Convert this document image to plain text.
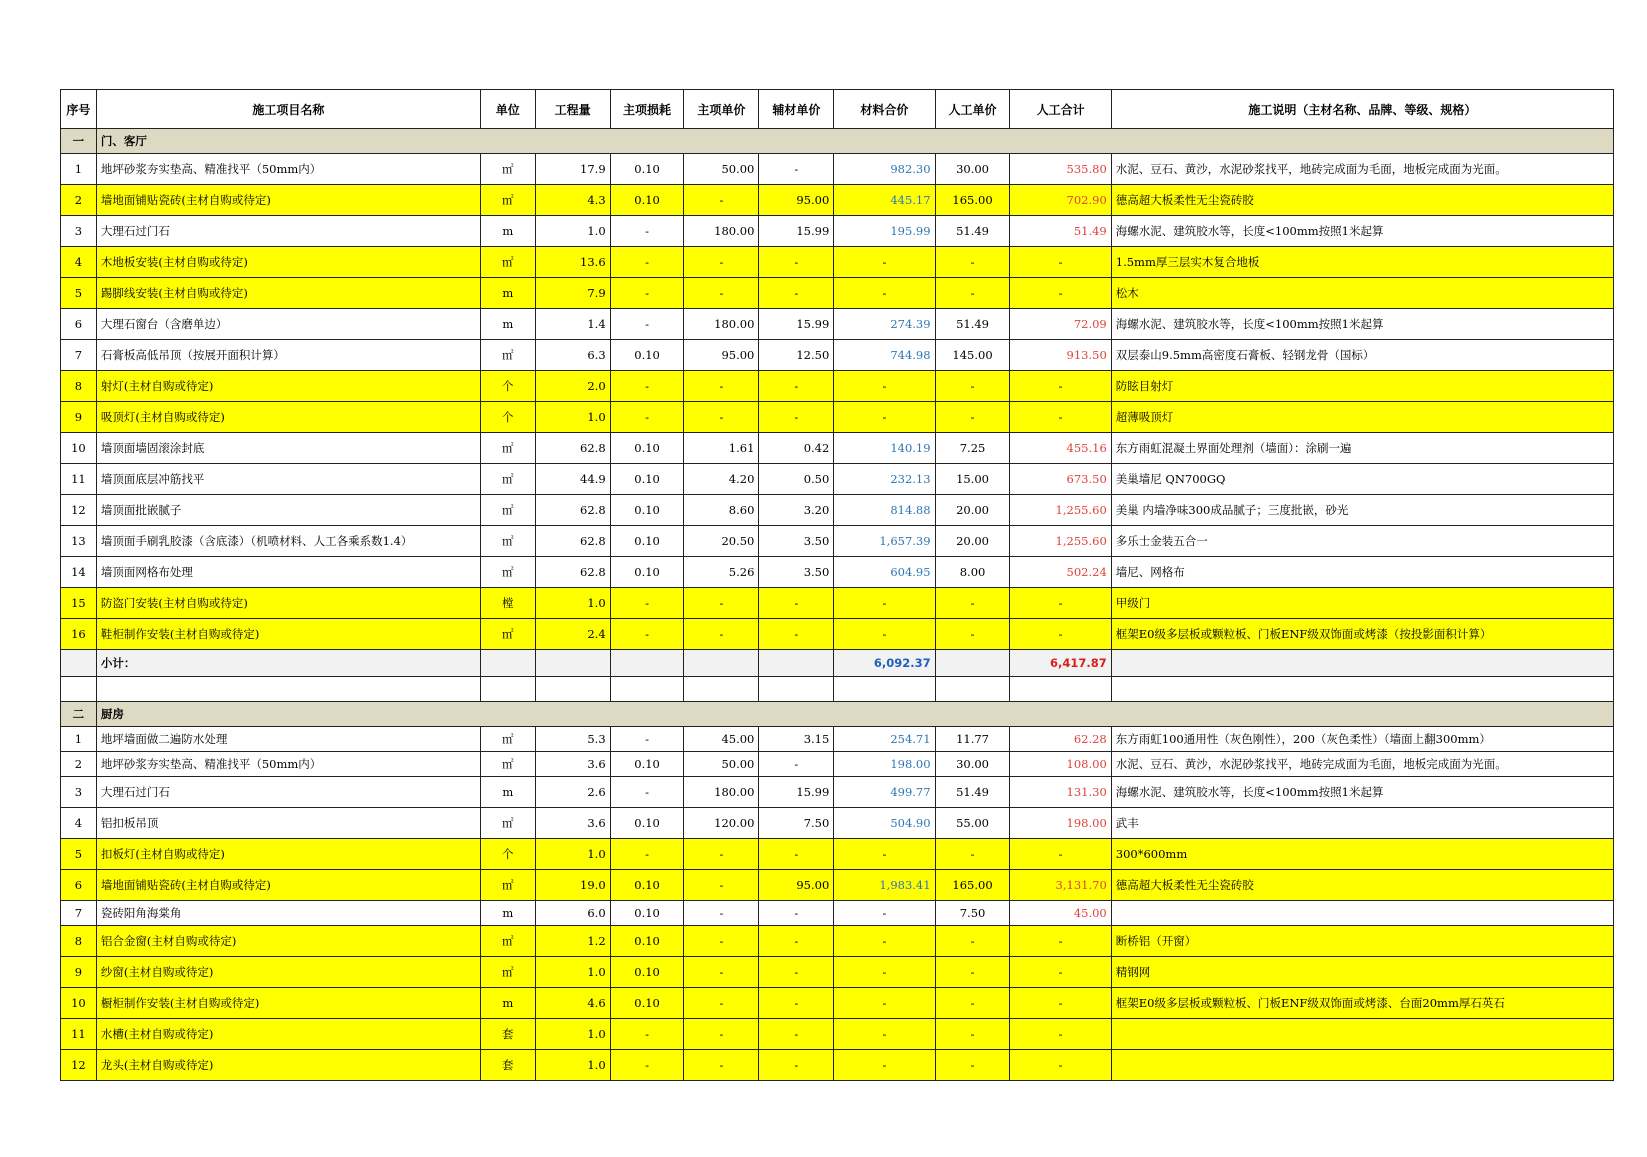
序号	施工项目名称	单位	工程量	主项损耗	主项单价	辅材单价	材料合价	人工单价	人工合计	施工说明（主材名称、品牌、等级、规格）
一	门、客厅									
1	地坪砂浆夯实垫高、精准找平（50mm内）	㎡	17.9	0.10	50.00	-	982.30	30.00	535.80	水泥、豆石、黄沙，水泥砂浆找平，地砖完成面为毛面，地板完成面为光面。
2	墙地面铺贴瓷砖(主材自购或待定)	㎡	4.3	0.10	-	95.00	445.17	165.00	702.90	德高超大板柔性无尘瓷砖胶
3	大理石过门石	m	1.0	-	180.00	15.99	195.99	51.49	51.49	海螺水泥、建筑胶水等，长度<100mm按照1米起算
4	木地板安装(主材自购或待定)	㎡	13.6	-	-	-	-	-	-	1.5mm厚三层实木复合地板
5	踢脚线安装(主材自购或待定)	m	7.9	-	-	-	-	-	-	松木
6	大理石窗台（含磨单边）	m	1.4	-	180.00	15.99	274.39	51.49	72.09	海螺水泥、建筑胶水等，长度<100mm按照1米起算
7	石膏板高低吊顶（按展开面积计算）	㎡	6.3	0.10	95.00	12.50	744.98	145.00	913.50	双层泰山9.5mm高密度石膏板、轻钢龙骨（国标）
8	射灯(主材自购或待定)	个	2.0	-	-	-	-	-	-	防眩目射灯
9	吸顶灯(主材自购或待定)	个	1.0	-	-	-	-	-	-	超薄吸顶灯
10	墙顶面墙固滚涂封底	㎡	62.8	0.10	1.61	0.42	140.19	7.25	455.16	东方雨虹混凝土界面处理剂（墙面）：涂刷一遍
11	墙顶面底层冲筋找平	㎡	44.9	0.10	4.20	0.50	232.13	15.00	673.50	美巢墙尼 QN700GQ
12	墙顶面批嵌腻子	㎡	62.8	0.10	8.60	3.20	814.88	20.00	1,255.60	美巢 内墙净味300成品腻子；三度批嵌，砂光
13	墙顶面手刷乳胶漆（含底漆）（机喷材料、人工各乘系数1.4）	㎡	62.8	0.10	20.50	3.50	1,657.39	20.00	1,255.60	多乐士金装五合一
14	墙顶面网格布处理	㎡	62.8	0.10	5.26	3.50	604.95	8.00	502.24	墙尼、网格布
15	防盗门安装(主材自购或待定)	樘	1.0	-	-	-	-	-	-	甲级门
16	鞋柜制作安装(主材自购或待定)	㎡	2.4	-	-	-	-	-	-	框架E0级多层板或颗粒板、门板ENF级双饰面或烤漆（按投影面积计算）
	小计：						6,092.37		6,417.87	

二	厨房									
1	地坪墙面做二遍防水处理	㎡	5.3	-	45.00	3.15	254.71	11.77	62.28	东方雨虹100通用性（灰色刚性），200（灰色柔性）（墙面上翻300mm）
2	地坪砂浆夯实垫高、精准找平（50mm内）	㎡	3.6	0.10	50.00	-	198.00	30.00	108.00	水泥、豆石、黄沙，水泥砂浆找平，地砖完成面为毛面，地板完成面为光面。
3	大理石过门石	m	2.6	-	180.00	15.99	499.77	51.49	131.30	海螺水泥、建筑胶水等，长度<100mm按照1米起算
4	铝扣板吊顶	㎡	3.6	0.10	120.00	7.50	504.90	55.00	198.00	武丰
5	扣板灯(主材自购或待定)	个	1.0	-	-	-	-	-	-	300*600mm
6	墙地面铺贴瓷砖(主材自购或待定)	㎡	19.0	0.10	-	95.00	1,983.41	165.00	3,131.70	德高超大板柔性无尘瓷砖胶
7	瓷砖阳角海棠角	m	6.0	0.10	-	-	-	7.50	45.00	
8	铝合金窗(主材自购或待定)	㎡	1.2	0.10	-	-	-	-	-	断桥铝（开窗）
9	纱窗(主材自购或待定)	㎡	1.0	0.10	-	-	-	-	-	精钢网
10	橱柜制作安装(主材自购或待定)	m	4.6	0.10	-	-	-	-	-	框架E0级多层板或颗粒板、门板ENF级双饰面或烤漆、台面20mm厚石英石
11	水槽(主材自购或待定)	套	1.0	-	-	-	-	-	-	
12	龙头(主材自购或待定)	套	1.0	-	-	-	-	-	-	
